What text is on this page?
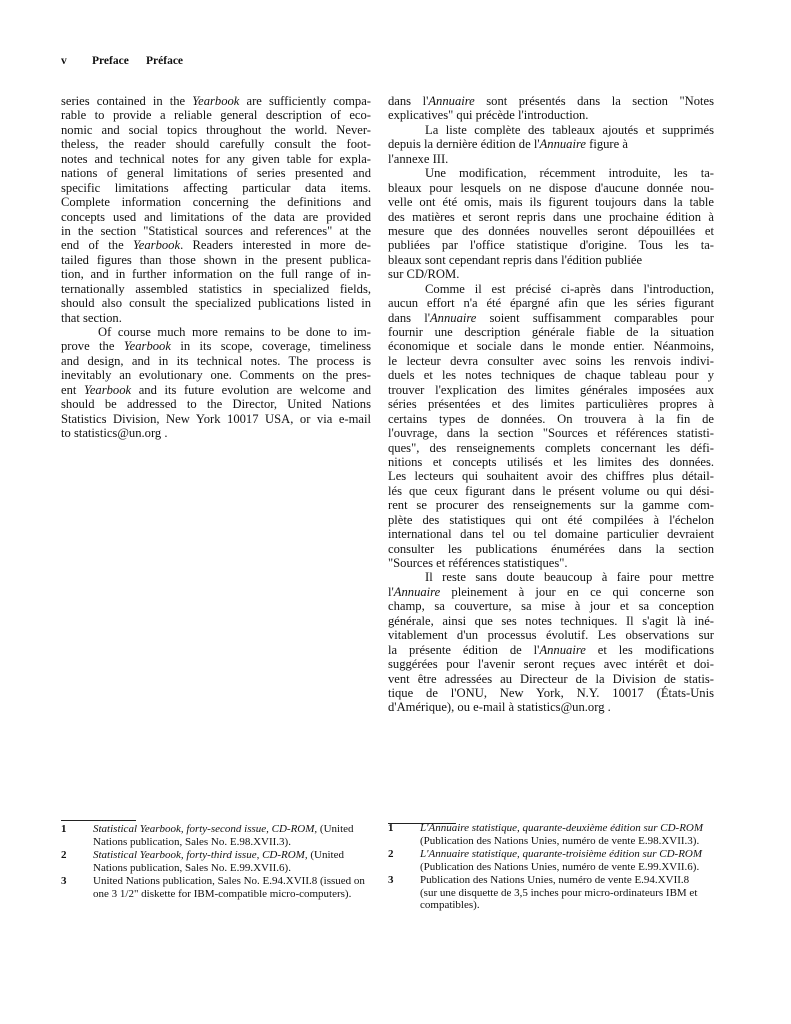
v Preface Préface
series contained in the Yearbook are sufficiently compa-
rable to provide a reliable general description of eco-
nomic and social topics throughout the world. Never-
theless, the reader should carefully consult the foot-
notes and technical notes for any given table for expla-
nations of general limitations of series presented and
specific limitations affecting particular data items.
Complete information concerning the definitions and
concepts used and limitations of the data are provided
in the section "Statistical sources and references" at the
end of the Yearbook. Readers interested in more de-
tailed figures than those shown in the present publica-
tion, and in further information on the full range of in-
ternationally assembled statistics in specialized fields,
should also consult the specialized publications listed in
that section.
Of course much more remains to be done to im-
prove the Yearbook in its scope, coverage, timeliness
and design, and in its technical notes. The process is
inevitably an evolutionary one. Comments on the pres-
ent Yearbook and its future evolution are welcome and
should be addressed to the Director, United Nations
Statistics Division, New York 10017 USA, or via e-mail
to statistics@un.org .
dans l'Annuaire sont présentés dans la section "Notes
explicatives" qui précède l'introduction.
La liste complète des tableaux ajoutés et supprimés
depuis la dernière édition de l'Annuaire figure à
l'annexe III.
Une modification, récemment introduite, les ta-
bleaux pour lesquels on ne dispose d'aucune donnée nou-
velle ont été omis, mais ils figurent toujours dans la table
des matières et seront repris dans une prochaine édition à
mesure que des données nouvelles seront dépouillées et
publiées par l'office statistique d'origine. Tous les ta-
bleaux sont cependant repris dans l'édition publiée
sur CD/ROM.
Comme il est précisé ci-après dans l'introduction,
aucun effort n'a été épargné afin que les séries figurant
dans l'Annuaire soient suffisamment comparables pour
fournir une description générale fiable de la situation
économique et sociale dans le monde entier. Néanmoins,
le lecteur devra consulter avec soins les renvois indivi-
duels et les notes techniques de chaque tableau pour y
trouver l'explication des limites générales imposées aux
séries présentées et des limites particulières propres à
certains types de données. On trouvera à la fin de
l'ouvrage, dans la section "Sources et références statisti-
ques", des renseignements complets concernant les défi-
nitions et concepts utilisés et les limites des données.
Les lecteurs qui souhaitent avoir des chiffres plus détail-
lés que ceux figurant dans le présent volume ou qui dési-
rent se procurer des renseignements sur la gamme com-
plète des statistiques qui ont été compilées à l'échelon
international dans tel ou tel domaine particulier devraient
consulter les publications énumérées dans la section
"Sources et références statistiques".
Il reste sans doute beaucoup à faire pour mettre
l'Annuaire pleinement à jour en ce qui concerne son
champ, sa couverture, sa mise à jour et sa conception
générale, ainsi que ses notes techniques. Il s'agit là iné-
vitablement d'un processus évolutif. Les observations sur
la présente édition de l'Annuaire et les modifications
suggérées pour l'avenir seront reçues avec intérêt et doi-
vent être adressées au Directeur de la Division de statis-
tique de l'ONU, New York, N.Y. 10017 (États-Unis
d'Amérique), ou e-mail à statistics@un.org .
1	Statistical Yearbook, forty-second issue, CD-ROM, (United Nations publication, Sales No. E.98.XVII.3).
2	Statistical Yearbook, forty-third issue, CD-ROM, (United Nations publication, Sales No. E.99.XVII.6).
3	United Nations publication, Sales No. E.94.XVII.8 (issued on one 3 1/2" diskette for IBM-compatible micro-computers).
1	L'Annuaire statistique, quarante-deuxième édition sur CD-ROM (Publication des Nations Unies, numéro de vente E.98.XVII.3).
2	L'Annuaire statistique, quarante-troisième édition sur CD-ROM (Publication des Nations Unies, numéro de vente E.99.XVII.6).
3	Publication des Nations Unies, numéro de vente E.94.XVII.8 (sur une disquette de 3,5 inches pour micro-ordinateurs IBM et compatibles).
